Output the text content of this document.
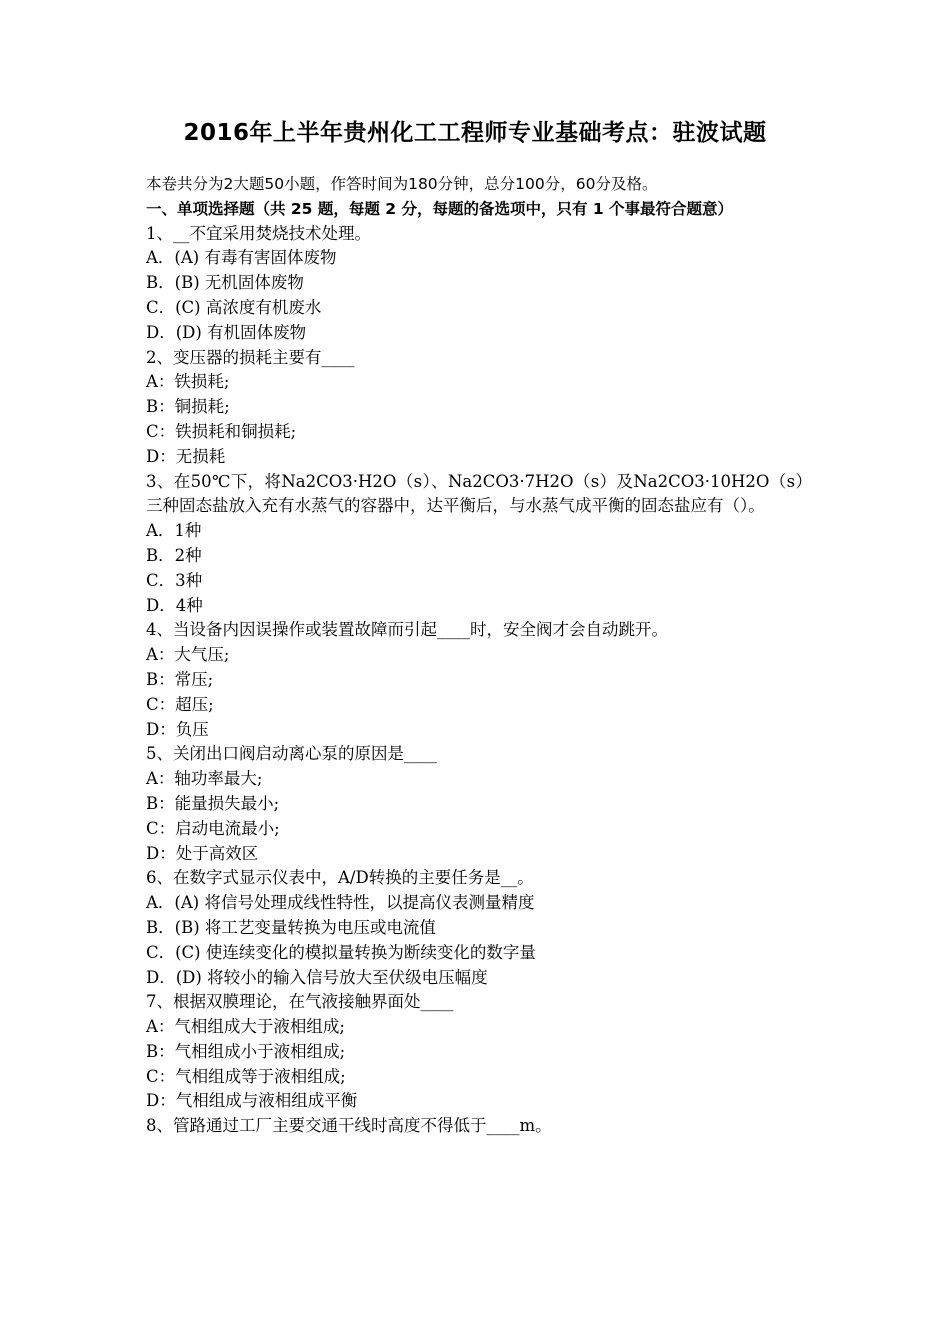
2016年上半年贵州化工工程师专业基础考点：驻波试题
本卷共分为2大题50小题，作答时间为180分钟，总分100分，60分及格。
一、单项选择题（共 25 题，每题 2 分，每题的备选项中，只有 1 个事最符合题意）
1、__不宜采用焚烧技术处理。
A．(A) 有毒有害固体废物
B．(B) 无机固体废物
C．(C) 高浓度有机废水
D．(D) 有机固体废物
2、变压器的损耗主要有____
A：铁损耗;
B：铜损耗;
C：铁损耗和铜损耗;
D：无损耗
3、在50℃下，将Na2CO3·H2O（s）、Na2CO3·7H2O（s）及Na2CO3·10H2O（s）三种固态盐放入充有水蒸气的容器中，达平衡后，与水蒸气成平衡的固态盐应有（）。
A．1种
B．2种
C．3种
D．4种
4、当设备内因误操作或装置故障而引起____时，安全阀才会自动跳开。
A：大气压;
B：常压;
C：超压;
D：负压
5、关闭出口阀启动离心泵的原因是____
A：轴功率最大;
B：能量损失最小;
C：启动电流最小;
D：处于高效区
6、在数字式显示仪表中，A/D转换的主要任务是__。
A．(A) 将信号处理成线性特性，以提高仪表测量精度
B．(B) 将工艺变量转换为电压或电流值
C．(C) 使连续变化的模拟量转换为断续变化的数字量
D．(D) 将较小的输入信号放大至伏级电压幅度
7、根据双膜理论，在气液接触界面处____
A：气相组成大于液相组成;
B：气相组成小于液相组成;
C：气相组成等于液相组成;
D：气相组成与液相组成平衡
8、管路通过工厂主要交通干线时高度不得低于____m。
